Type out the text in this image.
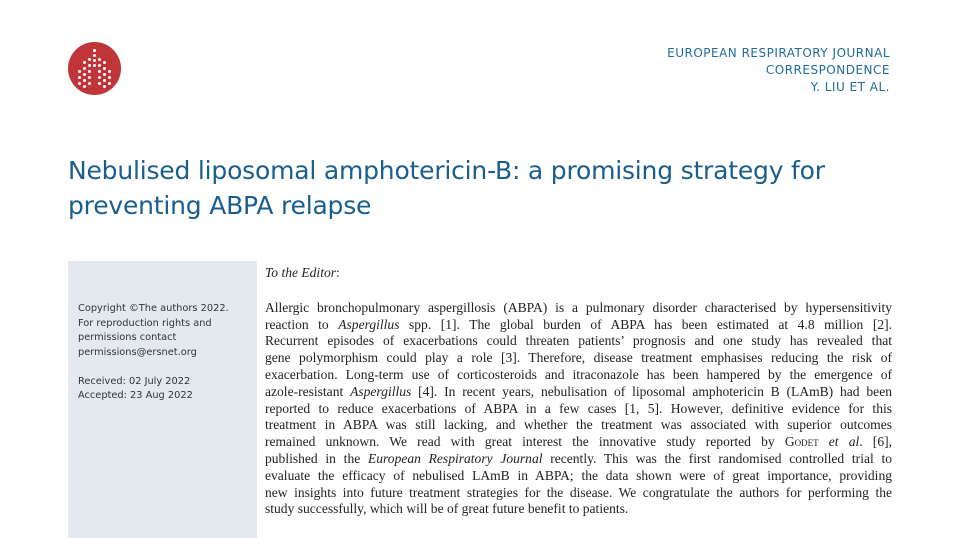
EUROPEAN RESPIRATORY JOURNAL
CORRESPONDENCE
Y. LIU ET AL.
Nebulised liposomal amphotericin-B: a promising strategy for
preventing ABPA relapse
Copyright ©The authors 2022.
For reproduction rights and
permissions contact
permissions@ersnet.org
Received: 02 July 2022
Accepted: 23 Aug 2022

To the Editor:

Allergic bronchopulmonary aspergillosis (ABPA) is a pulmonary disorder characterised by hypersensitivity
reaction to Aspergillus spp. [1]. The global burden of ABPA has been estimated at 4.8 million [2].
Recurrent episodes of exacerbations could threaten patients’ prognosis and one study has revealed that
gene polymorphism could play a role [3]. Therefore, disease treatment emphasises reducing the risk of
exacerbation. Long-term use of corticosteroids and itraconazole has been hampered by the emergence of
azole-resistant Aspergillus [4]. In recent years, nebulisation of liposomal amphotericin B (LAmB) had been
reported to reduce exacerbations of ABPA in a few cases [1, 5]. However, definitive evidence for this
treatment in ABPA was still lacking, and whether the treatment was associated with superior outcomes
remained unknown. We read with great interest the innovative study reported by Godet et al. [6],
published in the European Respiratory Journal recently. This was the first randomised controlled trial to
evaluate the efficacy of nebulised LAmB in ABPA; the data shown were of great importance, providing
new insights into future treatment strategies for the disease. We congratulate the authors for performing the
study successfully, which will be of great future benefit to patients.
